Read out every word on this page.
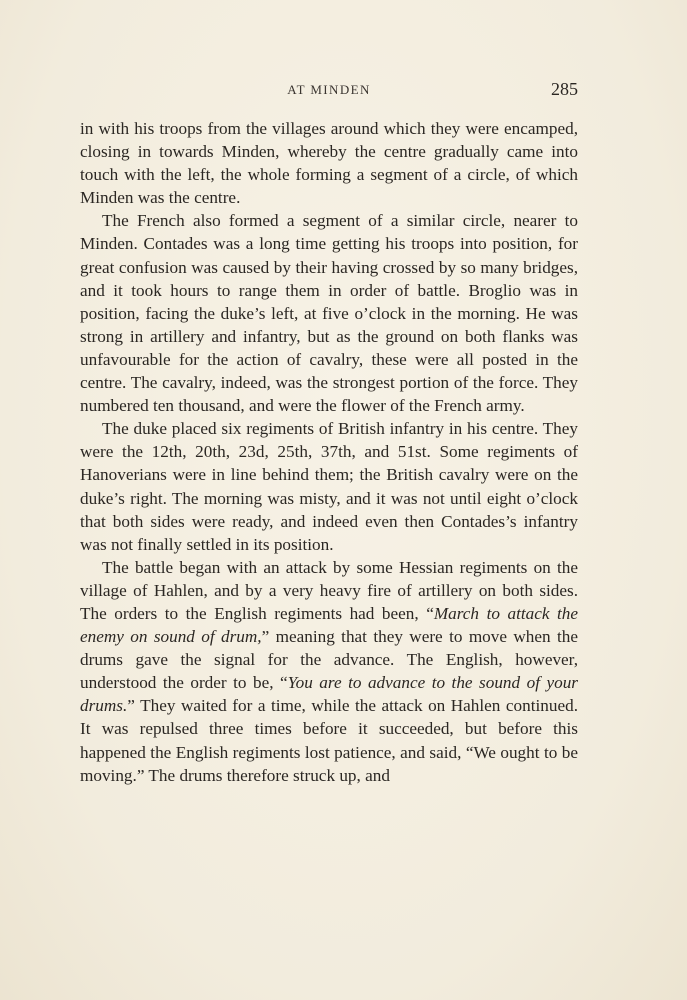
AT MINDEN	285

in with his troops from the villages around which they were encamped, closing in towards Minden, whereby the centre gradually came into touch with the left, the whole forming a segment of a circle, of which Minden was the centre.

The French also formed a segment of a similar circle, nearer to Minden. Contades was a long time getting his troops into position, for great confusion was caused by their having crossed by so many bridges, and it took hours to range them in order of battle. Broglio was in position, facing the duke’s left, at five o’clock in the morning. He was strong in artillery and infantry, but as the ground on both flanks was unfavourable for the action of cavalry, these were all posted in the centre. The cavalry, indeed, was the strongest portion of the force. They numbered ten thousand, and were the flower of the French army.

The duke placed six regiments of British infantry in his centre. They were the 12th, 20th, 23d, 25th, 37th, and 51st. Some regiments of Hanoverians were in line behind them; the British cavalry were on the duke’s right. The morning was misty, and it was not until eight o’clock that both sides were ready, and indeed even then Contades’s infantry was not finally settled in its position.

The battle began with an attack by some Hessian regiments on the village of Hahlen, and by a very heavy fire of artillery on both sides. The orders to the English regiments had been, “March to attack the enemy on sound of drum,” meaning that they were to move when the drums gave the signal for the advance. The English, however, understood the order to be, “You are to advance to the sound of your drums.” They waited for a time, while the attack on Hahlen continued. It was repulsed three times before it succeeded, but before this happened the English regiments lost patience, and said, “We ought to be moving.” The drums therefore struck up, and
